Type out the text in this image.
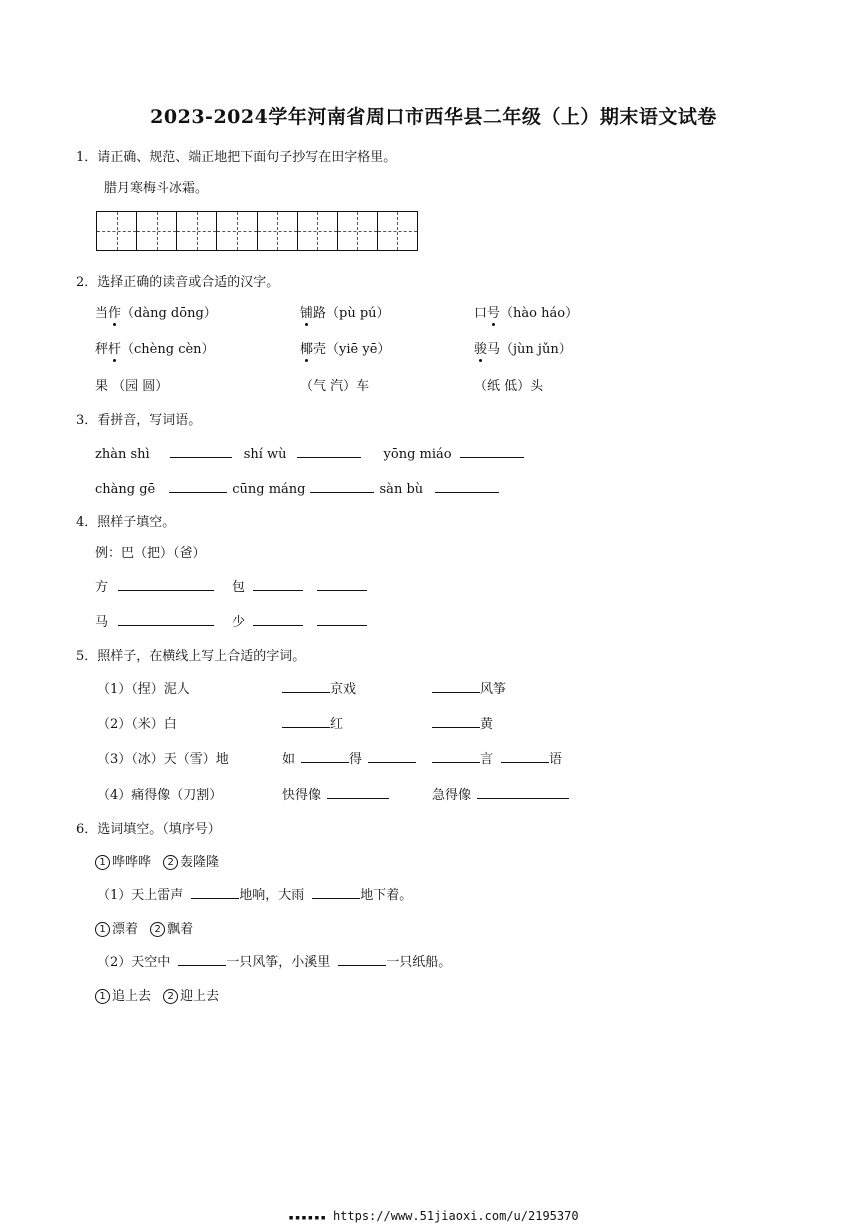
2023-2024学年河南省周口市西华县二年级（上）期末语文试卷
1．请正确、规范、端正地把下面句子抄写在田字格里。
腊月寒梅斗冰霜。
2．选择正确的读音或合适的汉字。
当作（dàng dōng）	铺路（pù pú）	口号（hào háo）
秤杆（chèng cèn）	椰壳（yiē yē）	骏马（jùn jǔn）
果 （园 圆）	（气 汽）车	（纸 低）头
3．看拼音，写词语。
zhàn shì	shí wù	yōng miáo
chàng gē	cūng máng	sàn bù
4．照样子填空。
例：巴（把）（爸）
方	包
马	少
5．照样子，在横线上写上合适的字词。
（1）（捏）泥人	京戏	风筝
（2）（米）白	红	黄
（3）（冰）天（雪）地	如	得	言	语
（4）痛得像（刀割）	快得像	急得像
6．选词填空。（填序号）
1 哗哗哗 2 轰隆隆
（1）天上雷声	地响，大雨	地下着。
1 漂着 2 飘着
（2）天空中	一只风筝，小溪里	一只纸船。
1 追上去 2 迎上去
▪▪▪▪▪▪ https://www.51jiaoxi.com/u/2195370
